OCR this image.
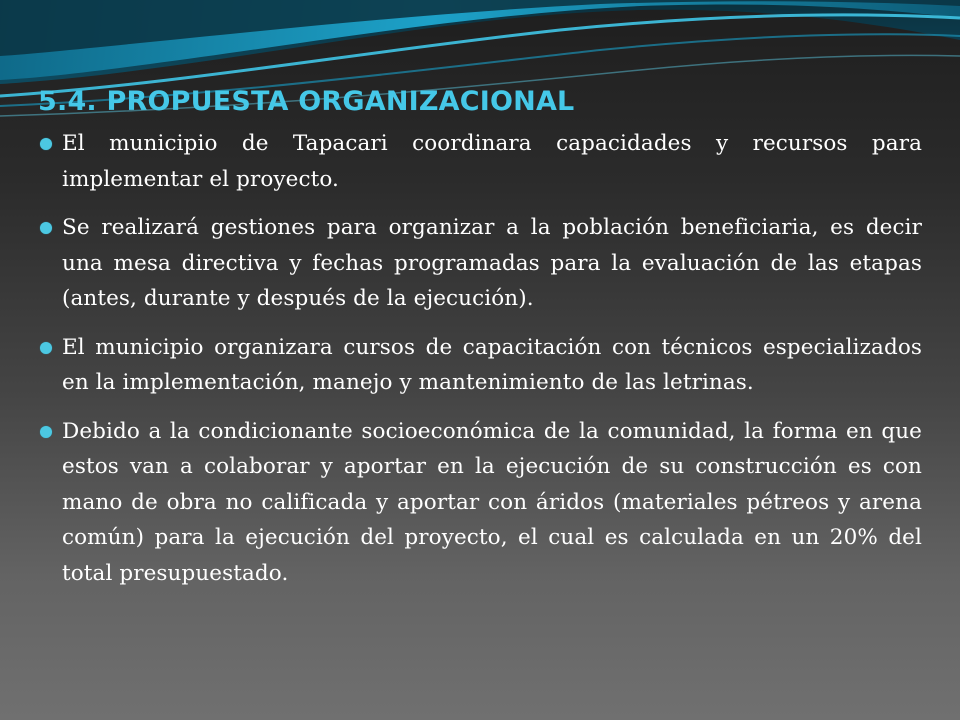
5.4. PROPUESTA ORGANIZACIONAL

El municipio de Tapacari coordinara capacidades y recursos para implementar el proyecto.

Se realizará gestiones para organizar a la población beneficiaria, es decir una mesa directiva y fechas programadas para la evaluación de las etapas (antes, durante y después de la ejecución).

El municipio organizara cursos de capacitación con técnicos especializados en la implementación, manejo y mantenimiento de las letrinas.

Debido a la condicionante socioeconómica de la comunidad, la forma en que estos van a colaborar y aportar en la ejecución de su construcción es con mano de obra no calificada y aportar con áridos (materiales pétreos y arena común) para la ejecución del proyecto, el cual es calculada en un 20% del total presupuestado.
